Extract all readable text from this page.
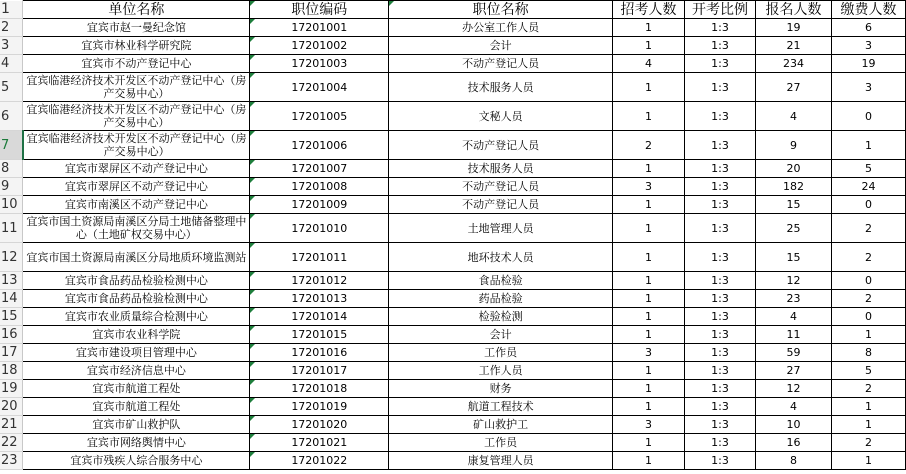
1	单位名称	职位编码	职位名称	招考人数	开考比例	报名人数	缴费人数
2	宜宾市赵一曼纪念馆	17201001	办公室工作人员	1	1:3	19	6
3	宜宾市林业科学研究院	17201002	会计	1	1:3	21	3
4	宜宾市不动产登记中心	17201003	不动产登记人员	4	1:3	234	19
5	宜宾临港经济技术开发区不动产登记中心（房产交易中心）	17201004	技术服务人员	1	1:3	27	3
6	宜宾临港经济技术开发区不动产登记中心（房产交易中心）	17201005	文秘人员	1	1:3	4	0
7	宜宾临港经济技术开发区不动产登记中心（房产交易中心）	17201006	不动产登记人员	2	1:3	9	1
8	宜宾市翠屏区不动产登记中心	17201007	技术服务人员	1	1:3	20	5
9	宜宾市翠屏区不动产登记中心	17201008	不动产登记人员	3	1:3	182	24
10	宜宾市南溪区不动产登记中心	17201009	不动产登记人员	1	1:3	15	0
11	宜宾市国土资源局南溪区分局土地储备整理中心（土地矿权交易中心）	17201010	土地管理人员	1	1:3	25	2
12	宜宾市国土资源局南溪区分局地质环境监测站	17201011	地环技术人员	1	1:3	15	2
13	宜宾市食品药品检验检测中心	17201012	食品检验	1	1:3	12	0
14	宜宾市食品药品检验检测中心	17201013	药品检验	1	1:3	23	2
15	宜宾市农业质量综合检测中心	17201014	检验检测	1	1:3	4	0
16	宜宾市农业科学院	17201015	会计	1	1:3	11	1
17	宜宾市建设项目管理中心	17201016	工作员	3	1:3	59	8
18	宜宾市经济信息中心	17201017	工作人员	1	1:3	27	5
19	宜宾市航道工程处	17201018	财务	1	1:3	12	2
20	宜宾市航道工程处	17201019	航道工程技术	1	1:3	4	1
21	宜宾市矿山救护队	17201020	矿山救护工	3	1:3	10	1
22	宜宾市网络舆情中心	17201021	工作员	1	1:3	16	2
23	宜宾市残疾人综合服务中心	17201022	康复管理人员	1	1:3	8	1
